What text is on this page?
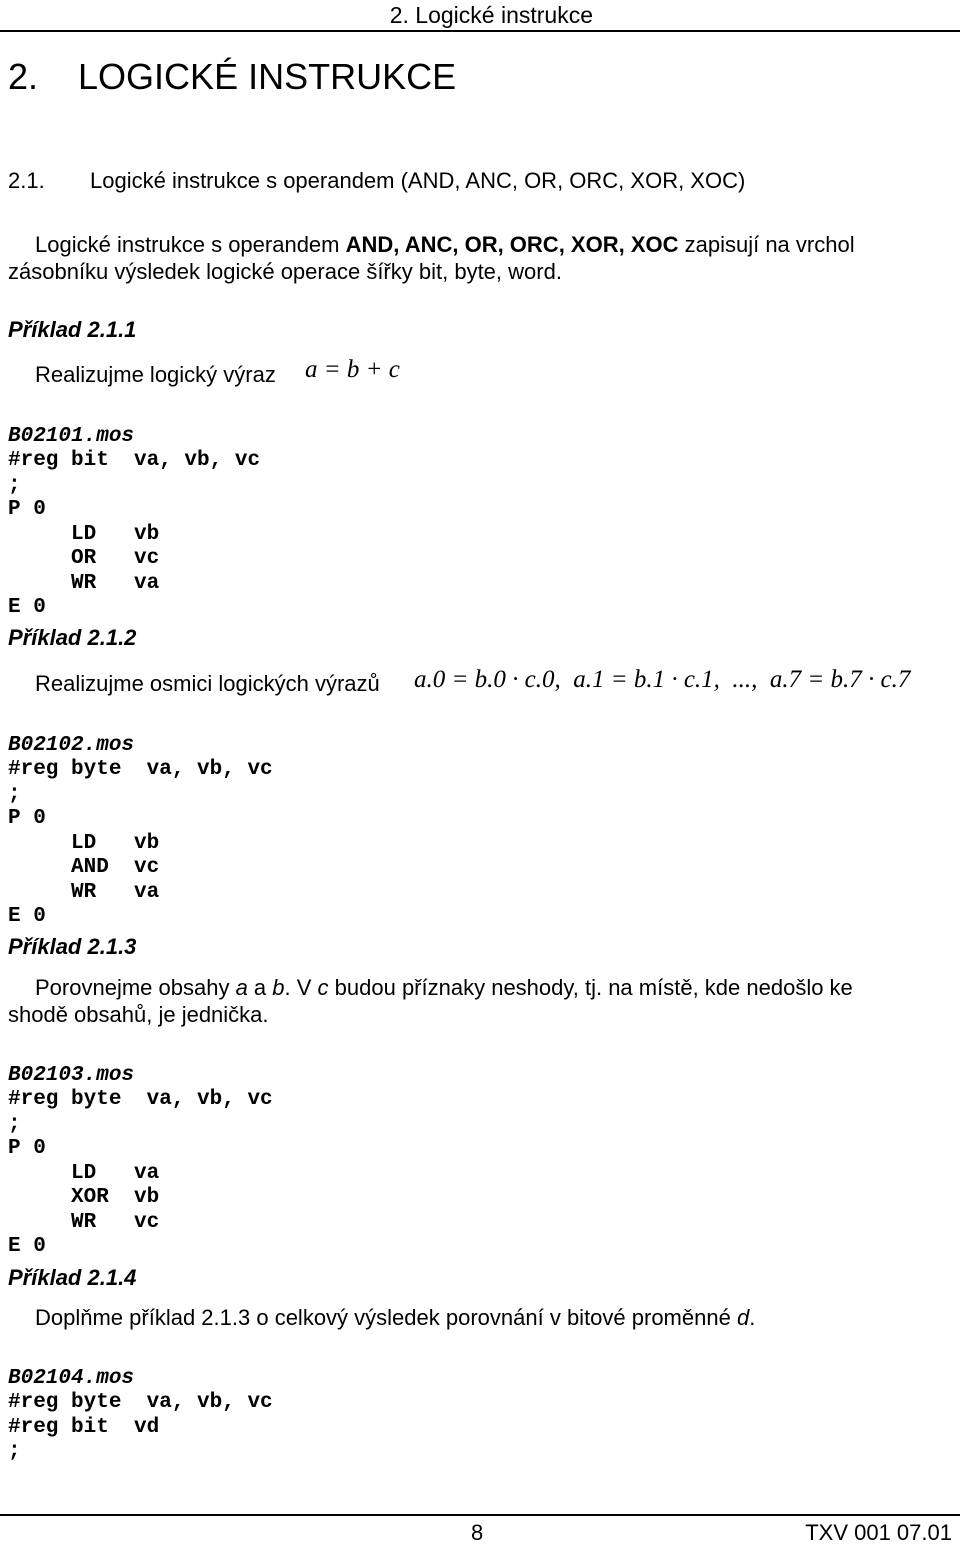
2. Logické instrukce
2.    LOGICKÉ INSTRUKCE
2.1. Logické instrukce s operandem (AND, ANC, OR, ORC, XOR, XOC)
Logické instrukce s operandem AND, ANC, OR, ORC, XOR, XOC zapisují na vrchol
zásobníku výsledek logické operace šířky bit, byte, word.
Příklad 2.1.1
Realizujme logický výraz a = b + c

B02101.mos
#reg bit  va, vb, vc
;
P 0
LD   vb
OR   vc
WR   va
E 0

Příklad 2.1.2
Realizujme osmici logických výrazů a.0 = b.0 · c.0,  a.1 = b.1 · c.1,  ...,  a.7 = b.7 · c.7

B02102.mos
#reg byte  va, vb, vc
;
P 0
LD   vb
AND  vc
WR   va
E 0

Příklad 2.1.3
Porovnejme obsahy a a b. V c budou příznaky neshody, tj. na místě, kde nedošlo ke
shodě obsahů, je jednička.

B02103.mos
#reg byte  va, vb, vc
;
P 0
LD   va
XOR  vb
WR   vc
E 0

Příklad 2.1.4
Doplňme příklad 2.1.3 o celkový výsledek porovnání v bitové proměnné d.

B02104.mos
#reg byte  va, vb, vc
#reg bit  vd
;

8	TXV 001 07.01
